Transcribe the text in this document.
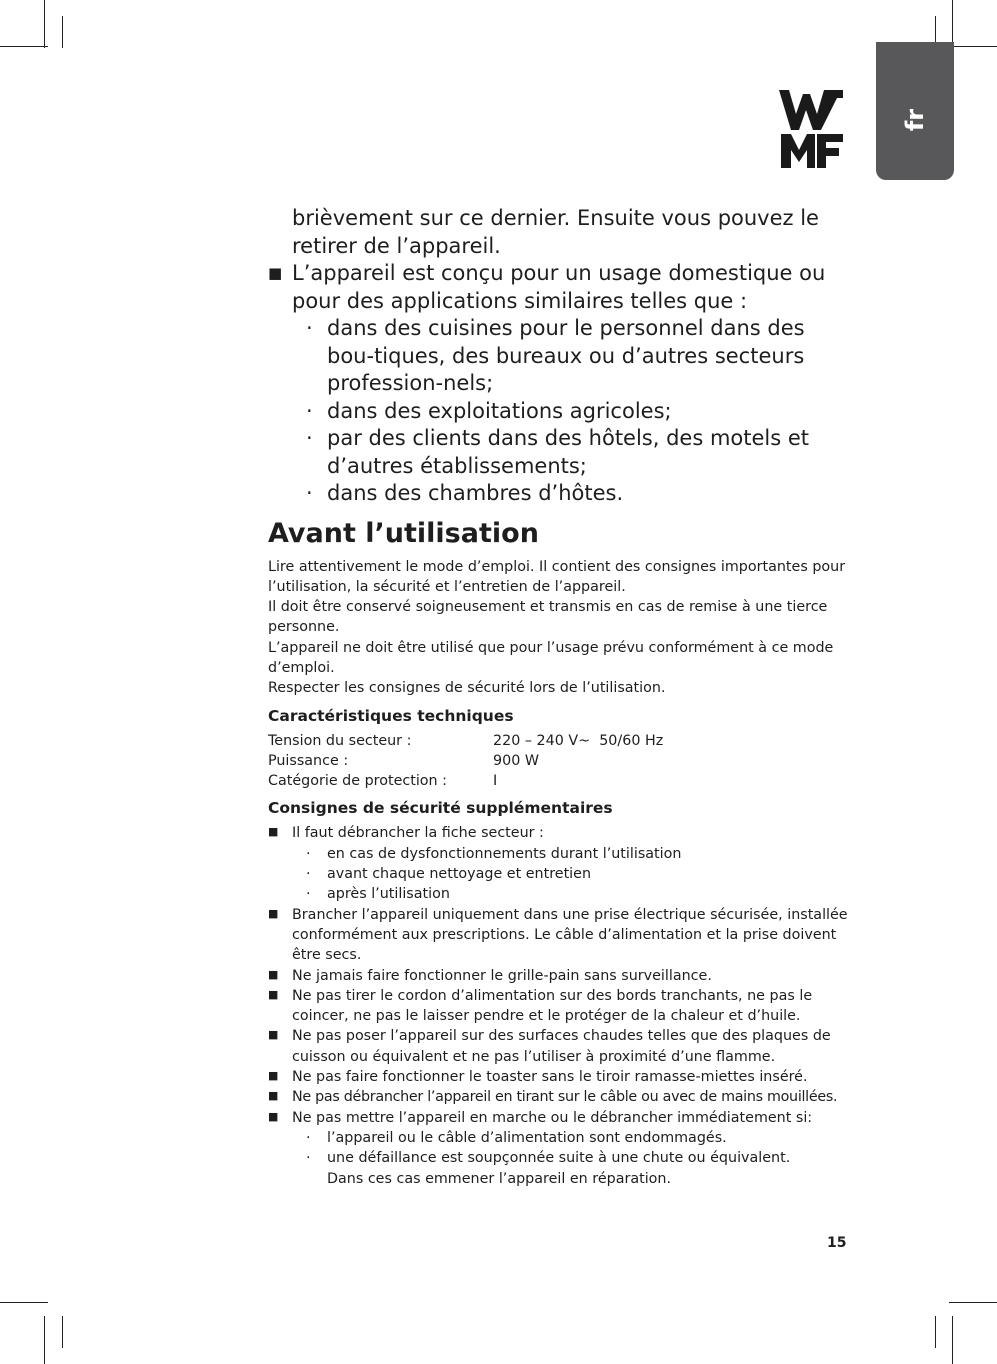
fr
brièvement sur ce dernier. Ensuite vous pouvez le retirer de l’appareil.
■ L’appareil est conçu pour un usage domestique ou pour des applications similaires telles que :
· dans des cuisines pour le personnel dans des bou-tiques, des bureaux ou d’autres secteurs profession-nels;
· dans des exploitations agricoles;
· par des clients dans des hôtels, des motels et d’autres établissements;
· dans des chambres d’hôtes.
Avant l’utilisation

Lire attentivement le mode d’emploi. Il contient des consignes importantes pour l’utilisation, la sécurité et l’entretien de l’appareil.

Il doit être conservé soigneusement et transmis en cas de remise à une tierce personne.

L’appareil ne doit être utilisé que pour l’usage prévu conformément à ce mode d’emploi.

Respecter les consignes de sécurité lors de l’utilisation.

Caractéristiques techniques
Tension du secteur :	220 – 240 V~  50/60 Hz
Puissance :	900 W
Catégorie de protection :	I
Consignes de sécurité supplémentaires
■ Il faut débrancher la fiche secteur :
· en cas de dysfonctionnements durant l’utilisation
· avant chaque nettoyage et entretien
· après l’utilisation
■ Brancher l’appareil uniquement dans une prise électrique sécurisée, installée conformément aux prescriptions. Le câble d’alimentation et la prise doivent être secs.
■ Ne jamais faire fonctionner le grille-pain sans surveillance.
■ Ne pas tirer le cordon d’alimentation sur des bords tranchants, ne pas le coincer, ne pas le laisser pendre et le protéger de la chaleur et d’huile.
■ Ne pas poser l’appareil sur des surfaces chaudes telles que des plaques de cuisson ou équivalent et ne pas l’utiliser à proximité d’une flamme.
■ Ne pas faire fonctionner le toaster sans le tiroir ramasse-miettes inséré.
■ Ne pas débrancher l’appareil en tirant sur le câble ou avec de mains mouillées.
■ Ne pas mettre l’appareil en marche ou le débrancher immédiatement si:
· l’appareil ou le câble d’alimentation sont endommagés.
· une défaillance est soupçonnée suite à une chute ou équivalent.
Dans ces cas emmener l’appareil en réparation.
15
